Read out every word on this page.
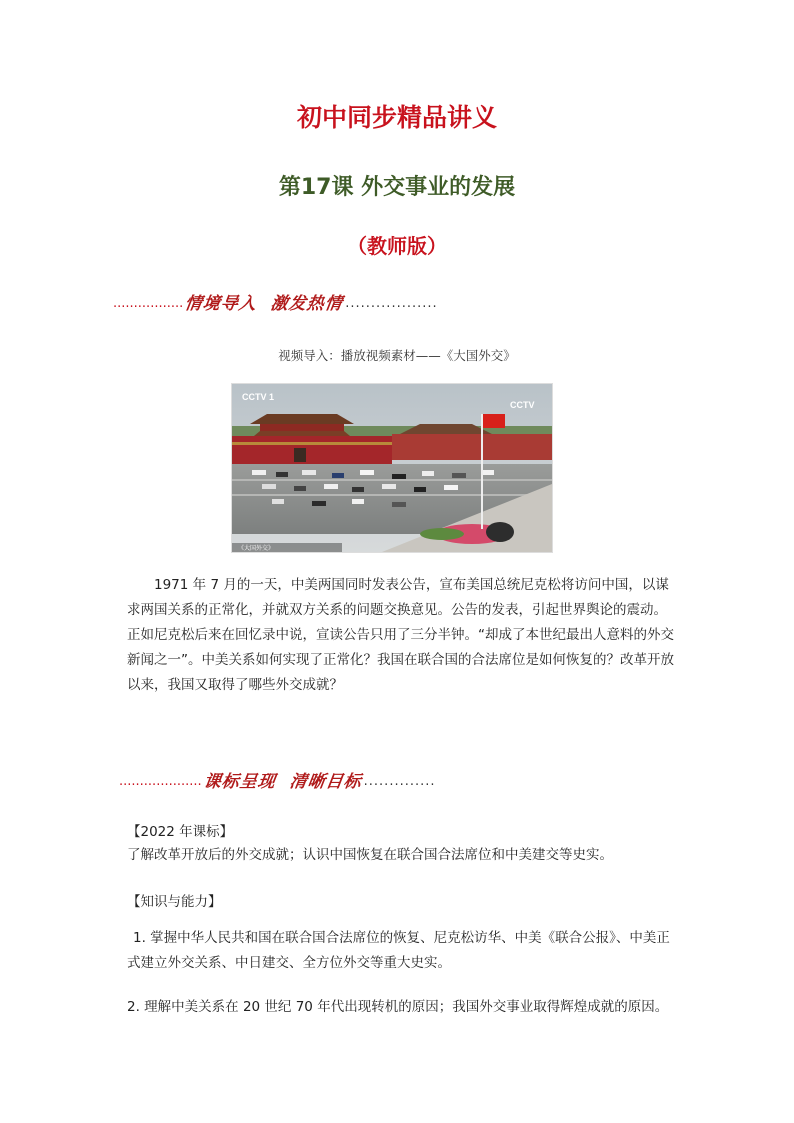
初中同步精品讲义
第17课 外交事业的发展
（教师版）
················· 情境导入 激发热情 ··················
视频导入：播放视频素材——《大国外交》
CCTV 1
CCTV
《大国外交》
1971 年 7 月的一天，中美两国同时发表公告，宣布美国总统尼克松将访问中国，以谋求两国关系的正常化，并就双方关系的问题交换意见。公告的发表，引起世界舆论的震动。正如尼克松后来在回忆录中说，宣读公告只用了三分半钟。“却成了本世纪最出人意料的外交新闻之一”。中美关系如何实现了正常化？我国在联合国的合法席位是如何恢复的？改革开放以来，我国又取得了哪些外交成就？
···················· 课标呈现 清晰目标 ··············
【2022 年课标】
了解改革开放后的外交成就；认识中国恢复在联合国合法席位和中美建交等史实。
【知识与能力】
1. 掌握中华人民共和国在联合国合法席位的恢复、尼克松访华、中美《联合公报》、中美正式建立外交关系、中日建交、全方位外交等重大史实。
2. 理解中美关系在 20 世纪 70 年代出现转机的原因；我国外交事业取得辉煌成就的原因。
